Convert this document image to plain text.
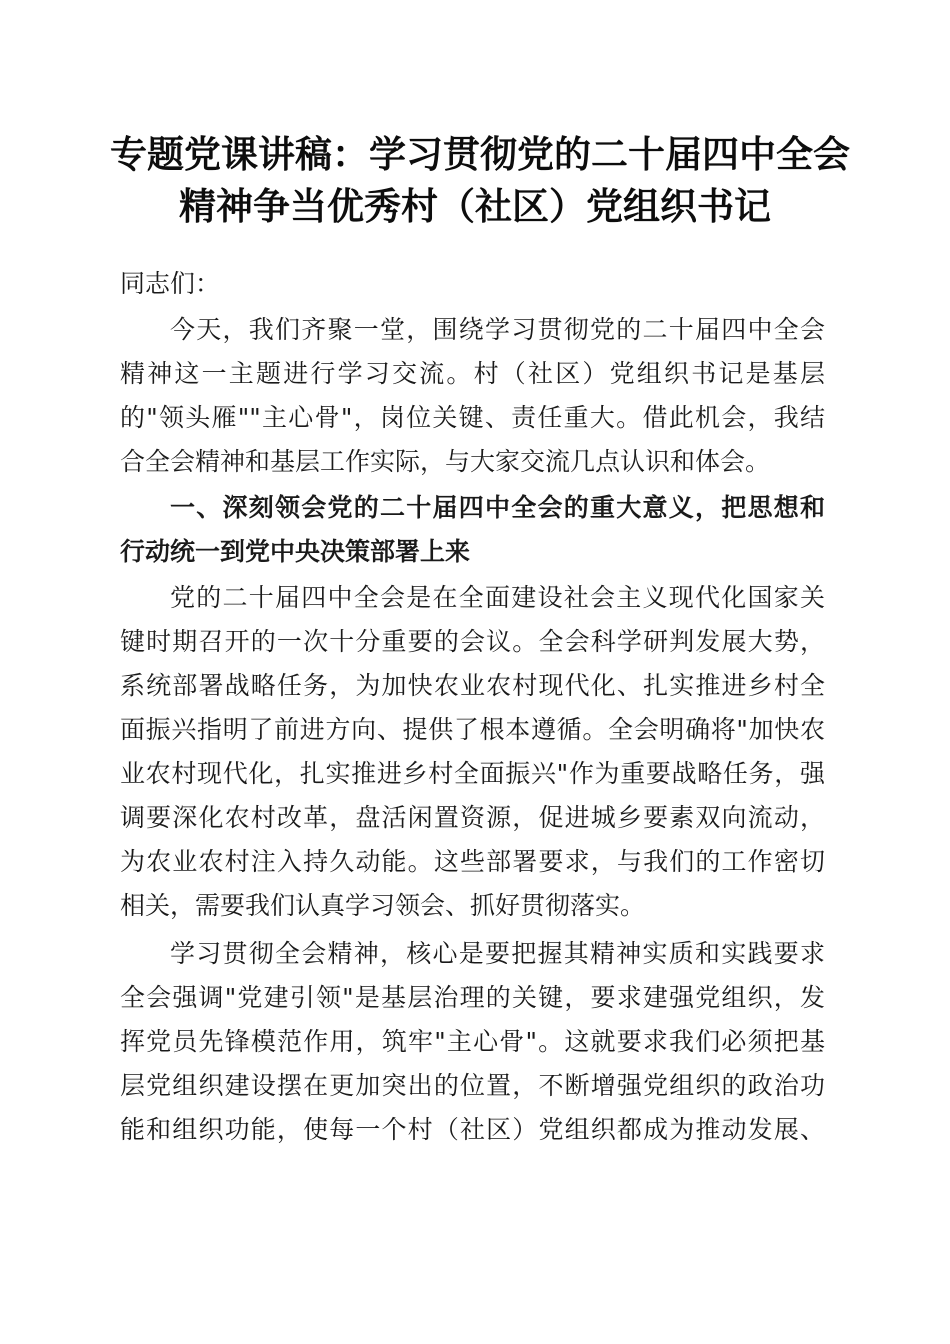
专题党课讲稿：学习贯彻党的二十届四中全会
精神争当优秀村（社区）党组织书记
同志们：
今天，我们齐聚一堂，围绕学习贯彻党的二十届四中全会
精神这一主题进行学习交流。村（社区）党组织书记是基层
的"领头雁""主心骨"，岗位关键、责任重大。借此机会，我结
合全会精神和基层工作实际，与大家交流几点认识和体会。
一、深刻领会党的二十届四中全会的重大意义，把思想和
行动统一到党中央决策部署上来
党的二十届四中全会是在全面建设社会主义现代化国家关
键时期召开的一次十分重要的会议。全会科学研判发展大势，
系统部署战略任务，为加快农业农村现代化、扎实推进乡村全
面振兴指明了前进方向、提供了根本遵循。全会明确将"加快农
业农村现代化，扎实推进乡村全面振兴"作为重要战略任务，强
调要深化农村改革，盘活闲置资源，促进城乡要素双向流动，
为农业农村注入持久动能。这些部署要求，与我们的工作密切
相关，需要我们认真学习领会、抓好贯彻落实。
学习贯彻全会精神，核心是要把握其精神实质和实践要求
全会强调"党建引领"是基层治理的关键，要求建强党组织，发
挥党员先锋模范作用，筑牢"主心骨"。这就要求我们必须把基
层党组织建设摆在更加突出的位置，不断增强党组织的政治功
能和组织功能，使每一个村（社区）党组织都成为推动发展、
